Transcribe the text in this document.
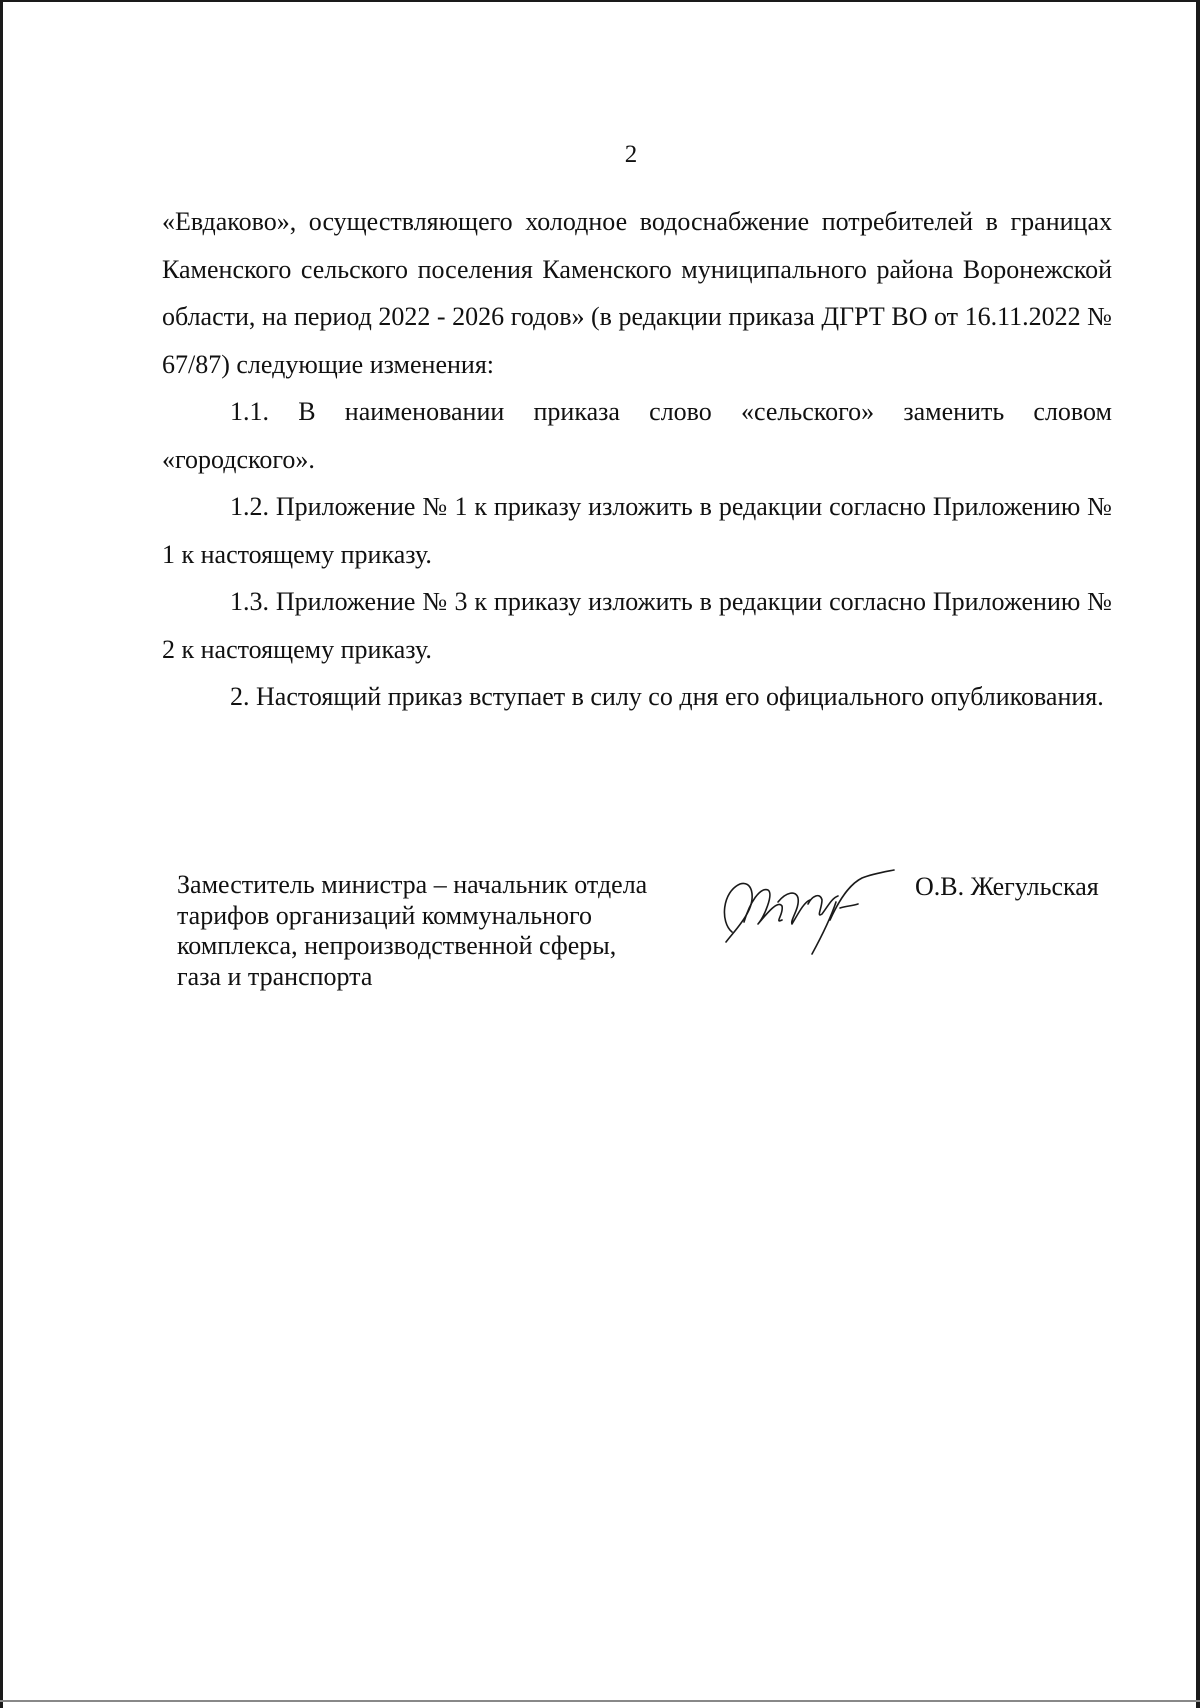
2

«Евдаково», осуществляющего холодное водоснабжение потребителей в границах Каменского сельского поселения Каменского муниципального района Воронежской области, на период 2022 - 2026 годов» (в редакции приказа ДГРТ ВО от 16.11.2022 № 67/87) следующие изменения:

1.1. В наименовании приказа слово «сельского» заменить словом «городского».

1.2. Приложение № 1 к приказу изложить в редакции согласно Приложению № 1 к настоящему приказу.

1.3. Приложение № 3 к приказу изложить в редакции согласно Приложению № 2 к настоящему приказу.

2. Настоящий приказ вступает в силу со дня его официального опубликования.

Заместитель министра – начальник отдела
тарифов организаций коммунального
комплекса, непроизводственной сферы,
газа и транспорта
О.В. Жегульская
